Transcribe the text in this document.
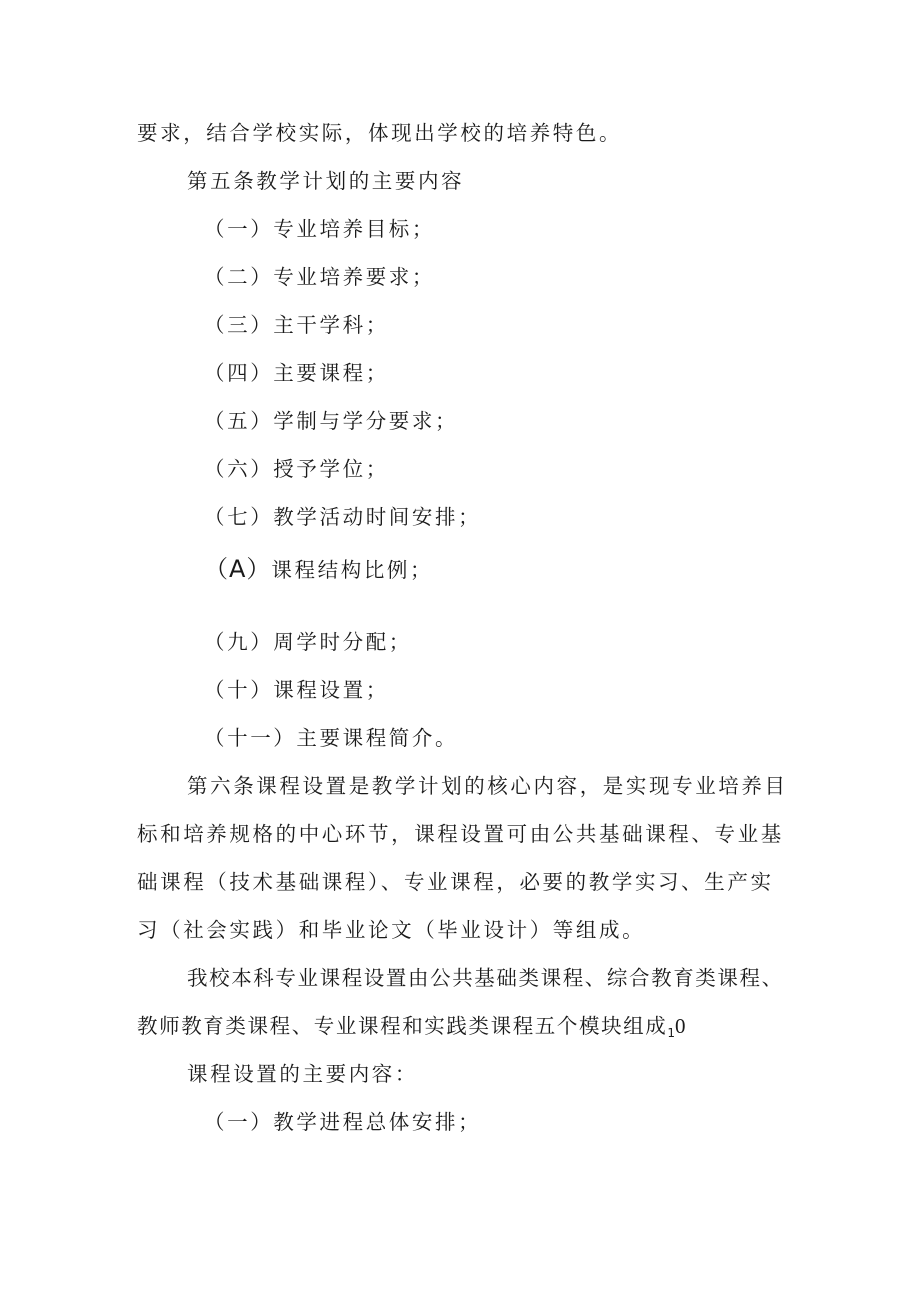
要求，结合学校实际，体现出学校的培养特色。
第五条教学计划的主要内容
（一）专业培养目标；
（二）专业培养要求；
（三）主干学科；
（四）主要课程；
（五）学制与学分要求；
（六）授予学位；
（七）教学活动时间安排；
（A）课程结构比例；
（九）周学时分配；
（十）课程设置；
（十一）主要课程简介。
第六条课程设置是教学计划的核心内容，是实现专业培养目
标和培养规格的中心环节，课程设置可由公共基础课程、专业基
础课程（技术基础课程）、专业课程，必要的教学实习、生产实
习（社会实践）和毕业论文（毕业设计）等组成。
我校本科专业课程设置由公共基础类课程、综合教育类课程、
教师教育类课程、专业课程和实践类课程五个模块组成$_1$0
课程设置的主要内容：
（一）教学进程总体安排；
